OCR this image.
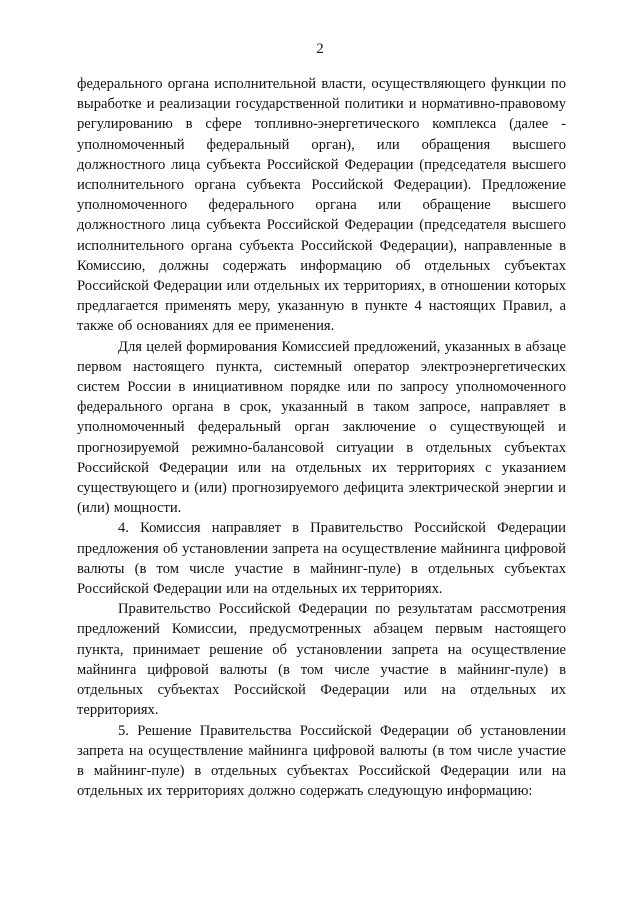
2

федерального органа исполнительной власти, осуществляющего функции по выработке и реализации государственной политики и нормативно-правовому регулированию в сфере топливно-энергетического комплекса (далее - уполномоченный федеральный орган), или обращения высшего должностного лица субъекта Российской Федерации (председателя высшего исполнительного органа субъекта Российской Федерации). Предложение уполномоченного федерального органа или обращение высшего должностного лица субъекта Российской Федерации (председателя высшего исполнительного органа субъекта Российской Федерации), направленные в Комиссию, должны содержать информацию об отдельных субъектах Российской Федерации или отдельных их территориях, в отношении которых предлагается применять меру, указанную в пункте 4 настоящих Правил, а также об основаниях для ее применения.

Для целей формирования Комиссией предложений, указанных в абзаце первом настоящего пункта, системный оператор электроэнергетических систем России в инициативном порядке или по запросу уполномоченного федерального органа в срок, указанный в таком запросе, направляет в уполномоченный федеральный орган заключение о существующей и прогнозируемой режимно-балансовой ситуации в отдельных субъектах Российской Федерации или на отдельных их территориях с указанием существующего и (или) прогнозируемого дефицита электрической энергии и (или) мощности.

4. Комиссия направляет в Правительство Российской Федерации предложения об установлении запрета на осуществление майнинга цифровой валюты (в том числе участие в майнинг-пуле) в отдельных субъектах Российской Федерации или на отдельных их территориях.

Правительство Российской Федерации по результатам рассмотрения предложений Комиссии, предусмотренных абзацем первым настоящего пункта, принимает решение об установлении запрета на осуществление майнинга цифровой валюты (в том числе участие в майнинг-пуле) в отдельных субъектах Российской Федерации или на отдельных их территориях.

5. Решение Правительства Российской Федерации об установлении запрета на осуществление майнинга цифровой валюты (в том числе участие в майнинг-пуле) в отдельных субъектах Российской Федерации или на отдельных их территориях должно содержать следующую информацию:
